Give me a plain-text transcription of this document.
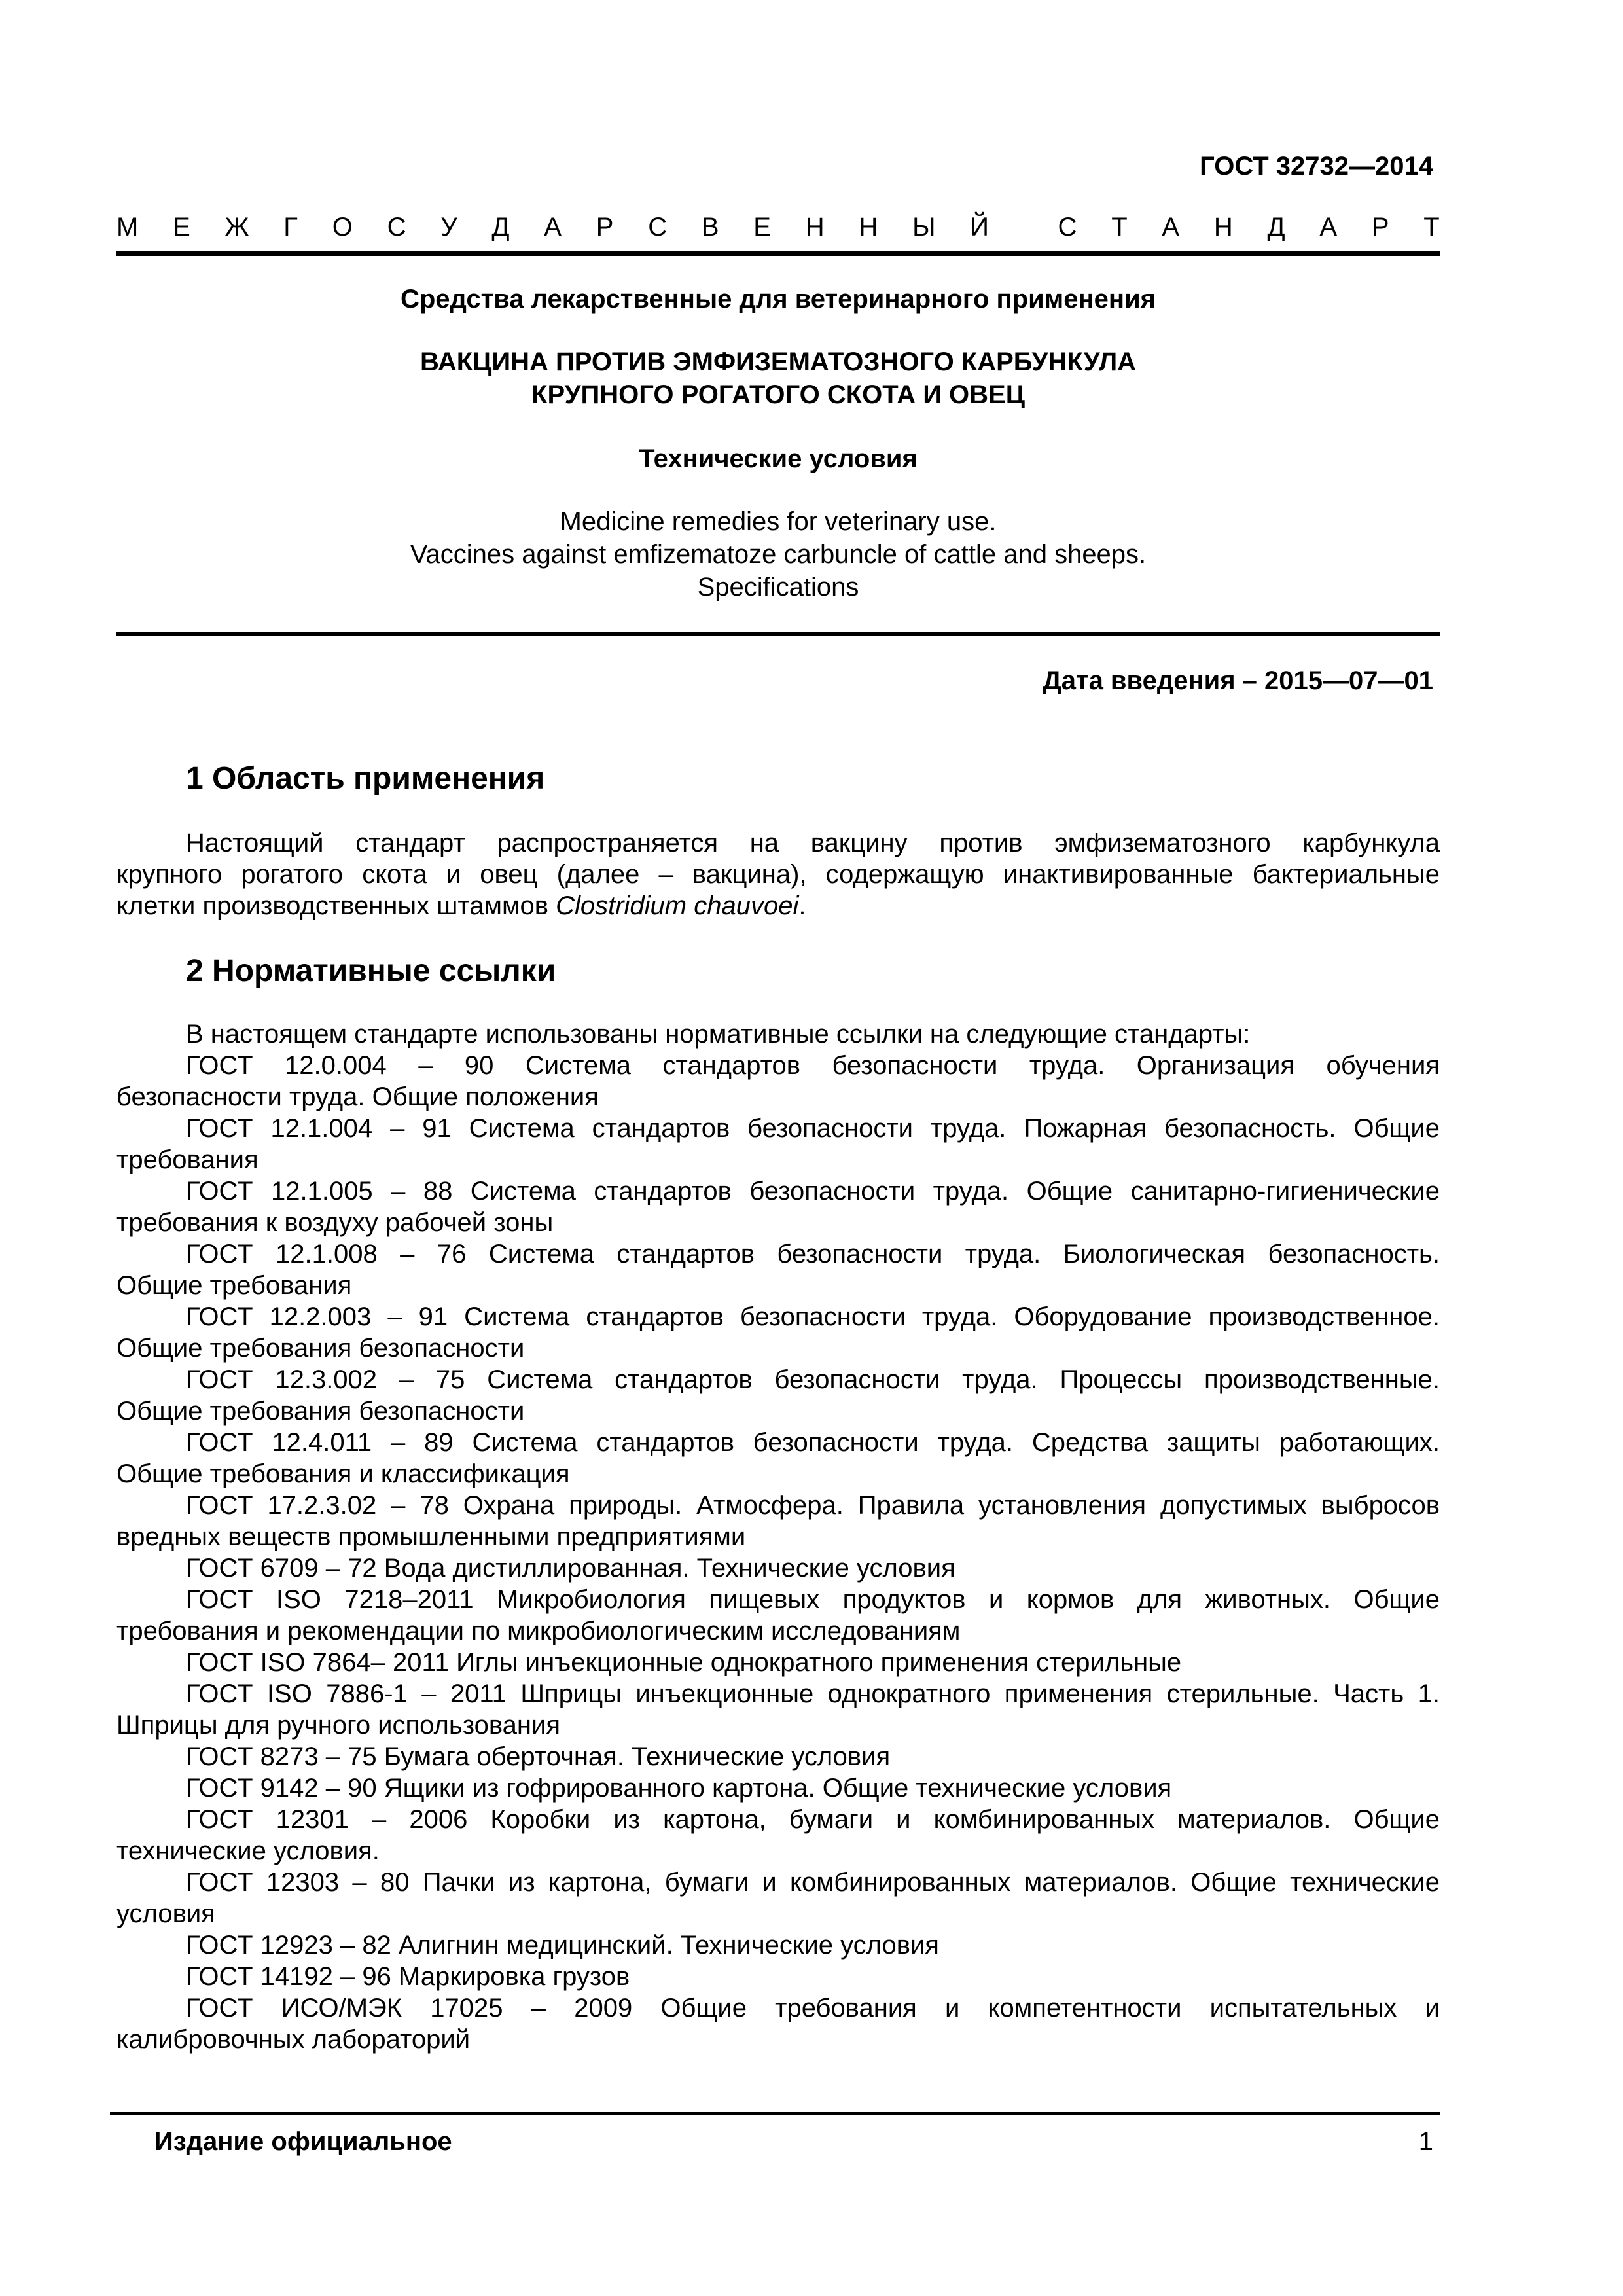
ГОСТ 32732—2014
М Е Ж Г О С У Д А Р С В Е Н Н Ы Й	С Т А Н Д А Р Т
Средства лекарственные для ветеринарного применения
ВАКЦИНА ПРОТИВ ЭМФИЗЕМАТОЗНОГО КАРБУНКУЛА
КРУПНОГО РОГАТОГО СКОТА И ОВЕЦ
Технические условия
Medicine remedies for veterinary use.
Vaccines against emfizematoze carbuncle of cattle and sheeps.
Specifications
Дата введения – 2015—07—01
1 Область применения
Настоящий стандарт распространяется на вакцину против эмфизематозного карбункула
крупного рогатого скота и овец (далее – вакцина), содержащую инактивированные бактериальные
клетки производственных штаммов Clostridium chauvoei.
2 Нормативные ссылки
В настоящем стандарте использованы нормативные ссылки на следующие стандарты:
ГОСТ 12.0.004 – 90 Система стандартов безопасности труда. Организация обучения
безопасности труда. Общие положения
ГОСТ 12.1.004 – 91 Система стандартов безопасности труда. Пожарная безопасность. Общие
требования
ГОСТ 12.1.005 – 88 Система стандартов безопасности труда. Общие санитарно-гигиенические
требования к воздуху рабочей зоны
ГОСТ 12.1.008 – 76 Система стандартов безопасности труда. Биологическая безопасность.
Общие требования
ГОСТ 12.2.003 – 91 Система стандартов безопасности труда. Оборудование производственное.
Общие требования безопасности
ГОСТ 12.3.002 – 75 Система стандартов безопасности труда. Процессы производственные.
Общие требования безопасности
ГОСТ 12.4.011 – 89 Система стандартов безопасности труда. Средства защиты работающих.
Общие требования и классификация
ГОСТ 17.2.3.02 – 78 Охрана природы. Атмосфера. Правила установления допустимых выбросов
вредных веществ промышленными предприятиями
ГОСТ 6709 – 72 Вода дистиллированная. Технические условия
ГОСТ ISO 7218–2011 Микробиология пищевых продуктов и кормов для животных. Общие
требования и рекомендации по микробиологическим исследованиям
ГОСТ ISO 7864– 2011 Иглы инъекционные однократного применения стерильные
ГОСТ ISO 7886-1 – 2011 Шприцы инъекционные однократного применения стерильные. Часть 1.
Шприцы для ручного использования
ГОСТ 8273 – 75 Бумага оберточная. Технические условия
ГОСТ 9142 – 90 Ящики из гофрированного картона. Общие технические условия
ГОСТ 12301 – 2006 Коробки из картона, бумаги и комбинированных материалов. Общие
технические условия.
ГОСТ 12303 – 80 Пачки из картона, бумаги и комбинированных материалов. Общие технические
условия
ГОСТ 12923 – 82 Алигнин медицинский. Технические условия
ГОСТ 14192 – 96 Маркировка грузов
ГОСТ ИСО/МЭК 17025 – 2009 Общие требования и компетентности испытательных и
калибровочных лабораторий
Издание официальное	1
